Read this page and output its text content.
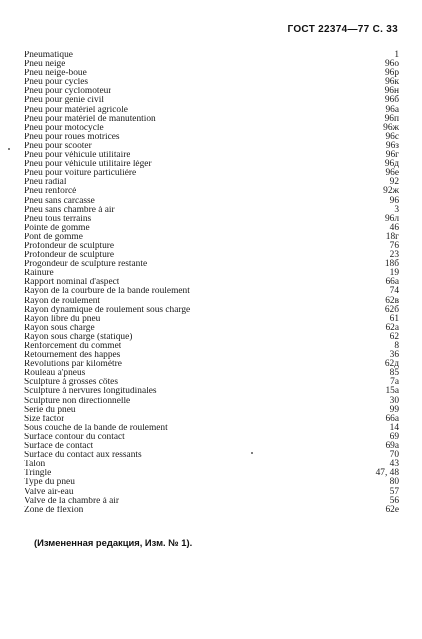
ГОСТ 22374—77 С. 33
Pneumatique	1
Pneu neige	96о
Pneu neige-boue	96р
Pneu pour cycles	96к
Pneu pour cyclomoteur	96н
Pneu pour genie civil	96б
Pneu pour matériel agricole	96а
Pneu pour matériel de manutention	96п
Pneu pour motocycle	96ж
Pneu pour roues motrices	96с
Pneu pour scooter	96з
Pneu pour véhicule utilitaire	96г
Pneu pour véhicule utilitaire léger	96д
Pneu pour voiture particulière	96е
Pneu radial	92
Pneu renforcé	92ж
Pneu sans carcasse	96
Pneu sans chambre à air	3
Pneu tous terrains	96л
Pointe de gomme	46
Pont de gomme	18г
Profondeur de sculpture	76
Profondeur de sculpture	23
Progondeur de sculpture restante	18б
Rainure	19
Rapport nominal d'aspect	66а
Rayon de la courbure de la bande roulement	74
Rayon de roulement	62в
Rayon dynamique de roulement sous charge	62б
Rayon libre du pneu	61
Rayon sous charge	62а
Rayon sous charge (statique)	62
Renforcement du commet	8
Retournement des happes	36
Revolutions par kilomètre	62д
Rouleau a'pneus	85
Sculpture à grosses côtes	7а
Sculpture à nervures longitudinales	15а
Sculpture non directionnelle	30
Serie du pneu	99
Size factor	66а
Sous couche de la bande de roulement	14
Surface contour du contact	69
Surface de contact	69а
Surface du contact aux ressants	70
Talon	43
Tringle	47, 48
Type du pneu	80
Valve air-eau	57
Valve de la chambre à air	56
Zone de flexion	62е
(Измененная редакция, Изм. № 1).
